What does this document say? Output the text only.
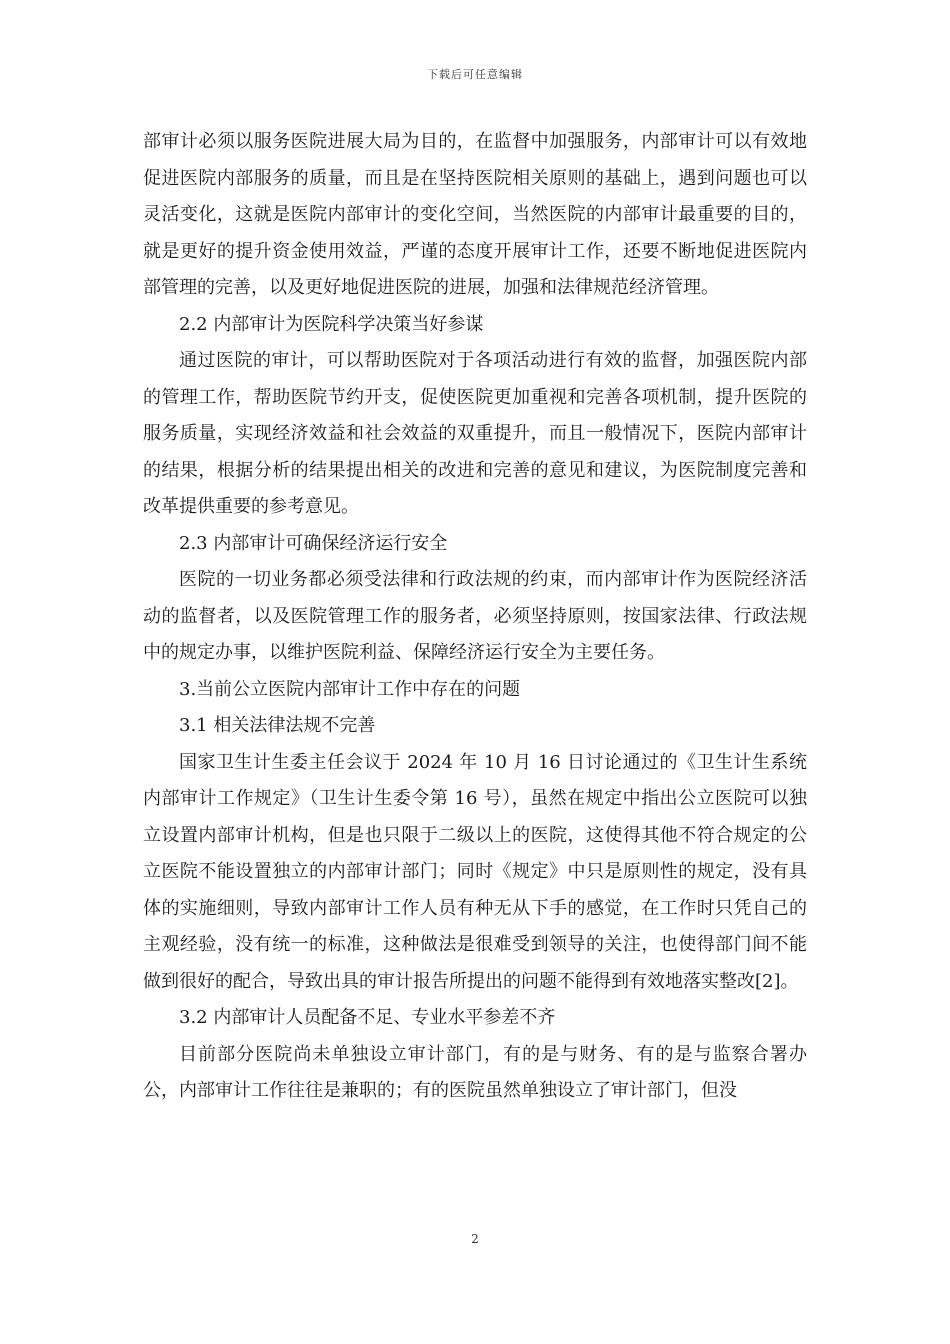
下载后可任意编辑

部审计必须以服务医院进展大局为目的，在监督中加强服务，内部审计可以有效地促进医院内部服务的质量，而且是在坚持医院相关原则的基础上，遇到问题也可以灵活变化，这就是医院内部审计的变化空间，当然医院的内部审计最重要的目的，就是更好的提升资金使用效益，严谨的态度开展审计工作，还要不断地促进医院内部管理的完善，以及更好地促进医院的进展，加强和法律规范经济管理。

2.2 内部审计为医院科学决策当好参谋

通过医院的审计，可以帮助医院对于各项活动进行有效的监督，加强医院内部的管理工作，帮助医院节约开支，促使医院更加重视和完善各项机制，提升医院的服务质量，实现经济效益和社会效益的双重提升，而且一般情况下，医院内部审计的结果，根据分析的结果提出相关的改进和完善的意见和建议，为医院制度完善和改革提供重要的参考意见。

2.3 内部审计可确保经济运行安全

医院的一切业务都必须受法律和行政法规的约束，而内部审计作为医院经济活动的监督者，以及医院管理工作的服务者，必须坚持原则，按国家法律、行政法规中的规定办事，以维护医院利益、保障经济运行安全为主要任务。

3.当前公立医院内部审计工作中存在的问题

3.1 相关法律法规不完善

国家卫生计生委主任会议于 2024 年 10 月 16 日讨论通过的《卫生计生系统内部审计工作规定》（卫生计生委令第 16 号），虽然在规定中指出公立医院可以独立设置内部审计机构，但是也只限于二级以上的医院，这使得其他不符合规定的公立医院不能设置独立的内部审计部门；同时《规定》中只是原则性的规定，没有具体的实施细则，导致内部审计工作人员有种无从下手的感觉，在工作时只凭自己的主观经验，没有统一的标准，这种做法是很难受到领导的关注，也使得部门间不能做到很好的配合，导致出具的审计报告所提出的问题不能得到有效地落实整改[2]。

3.2 内部审计人员配备不足、专业水平参差不齐

目前部分医院尚未单独设立审计部门，有的是与财务、有的是与监察合署办公，内部审计工作往往是兼职的；有的医院虽然单独设立了审计部门，但没

2
